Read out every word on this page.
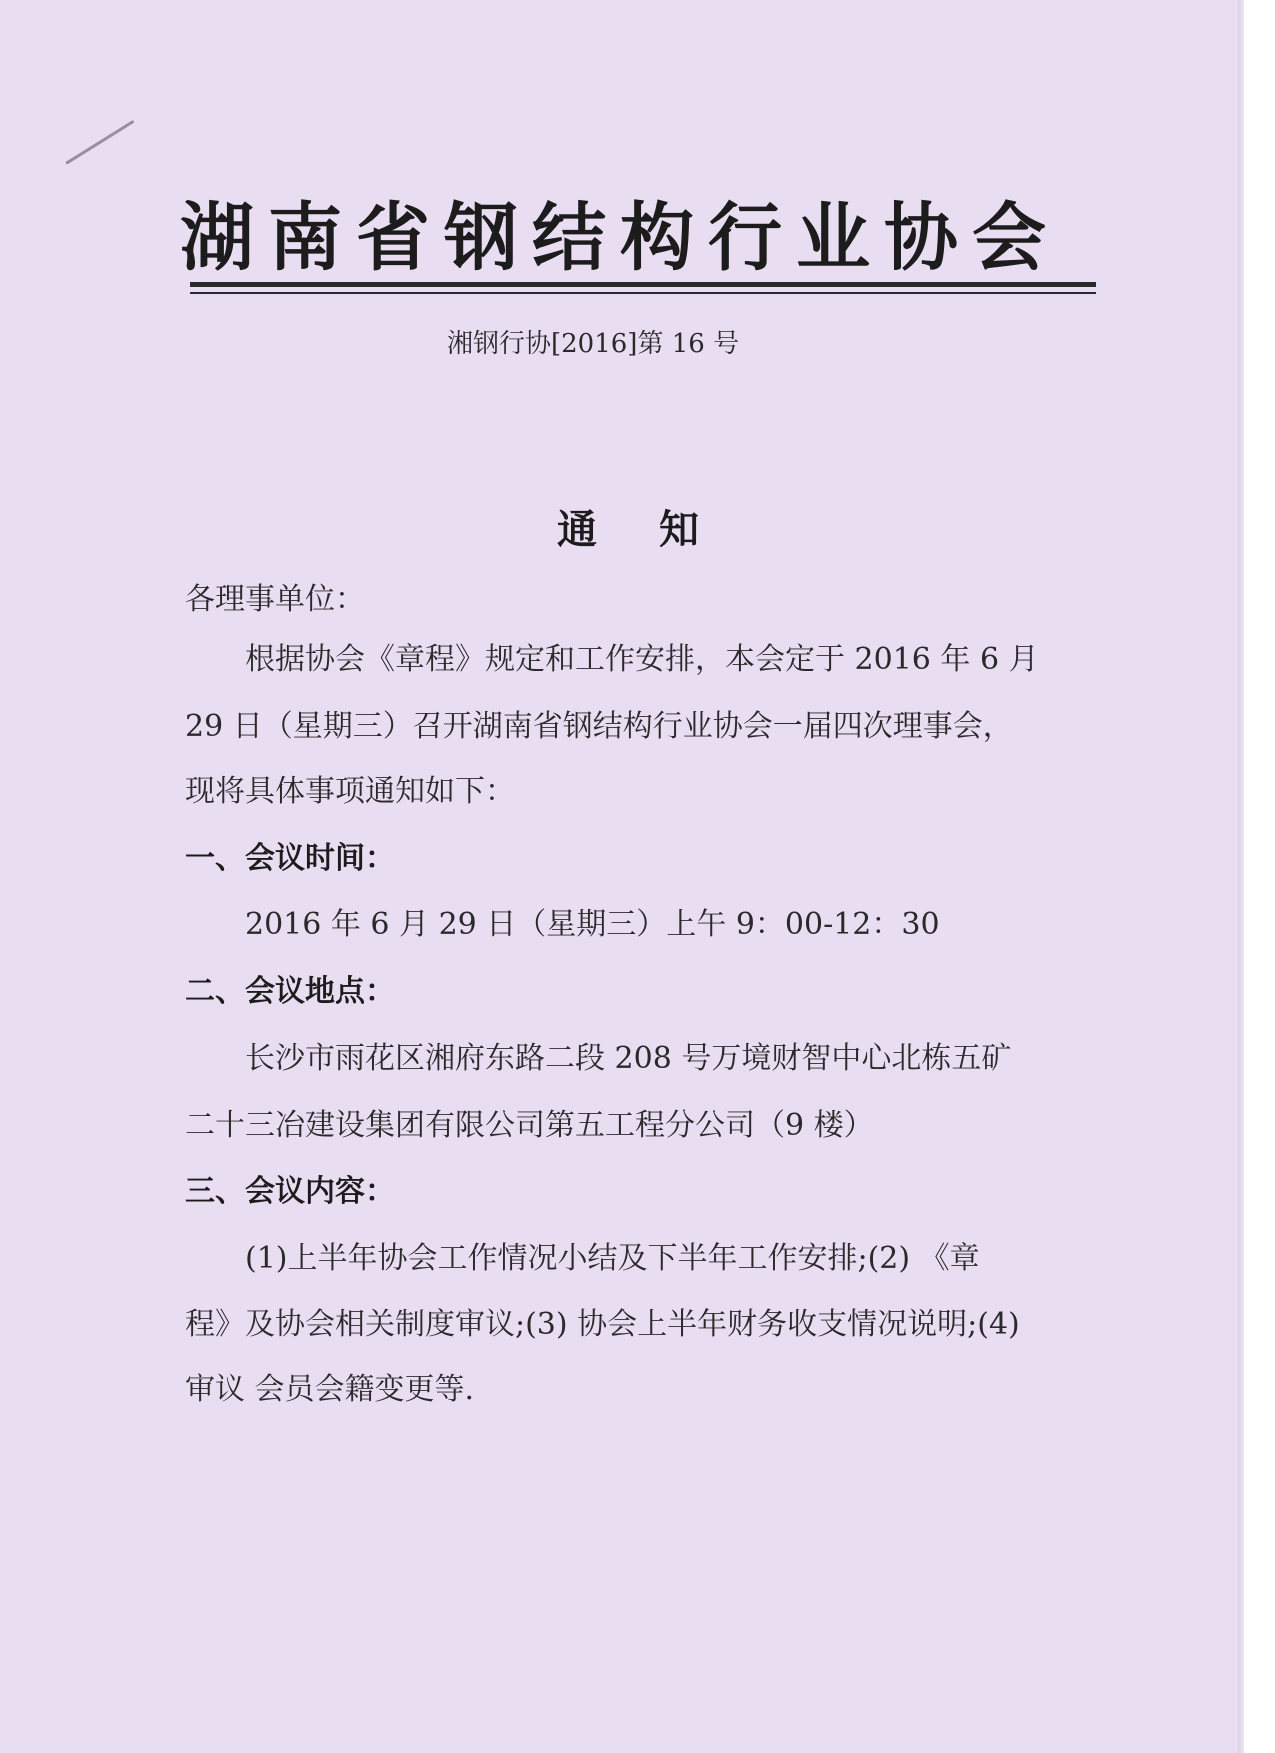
湖南省钢结构行业协会
湘钢行协[2016]第 16 号
通 知
各理事单位：
根据协会《章程》规定和工作安排，本会定于 2016 年 6 月
29 日（星期三）召开湖南省钢结构行业协会一届四次理事会，
现将具体事项通知如下：
一、会议时间：
2016 年 6 月 29 日（星期三）上午 9：00-12：30
二、会议地点：
长沙市雨花区湘府东路二段 208 号万境财智中心北栋五矿
二十三冶建设集团有限公司第五工程分公司（9 楼）
三、会议内容：
(1)上半年协会工作情况小结及下半年工作安排;(2) 《章
程》及协会相关制度审议;(3) 协会上半年财务收支情况说明;(4)
审议 会员会籍变更等.
